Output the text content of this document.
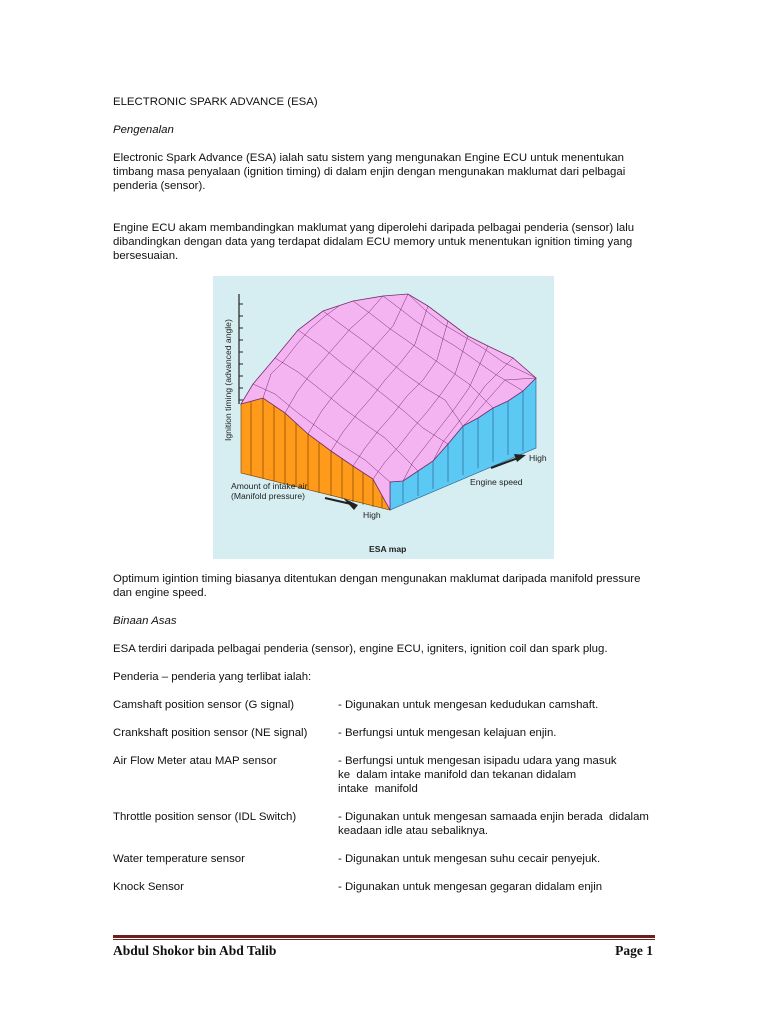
ELECTRONIC SPARK ADVANCE (ESA)
Pengenalan
Electronic Spark Advance (ESA) ialah satu sistem yang mengunakan Engine ECU untuk menentukan timbang masa penyalaan (ignition timing) di dalam enjin dengan mengunakan maklumat dari pelbagai penderia (sensor).
Engine ECU akam membandingkan maklumat yang diperolehi daripada pelbagai penderia (sensor) lalu dibandingkan dengan data yang terdapat didalam ECU memory untuk menentukan ignition timing yang bersesuaian.
Ignition timing (advanced angle)
Amount of intake air
(Manifold pressure)
High
High
Engine speed
ESA map
Optimum igintion timing biasanya ditentukan dengan mengunakan maklumat daripada manifold pressure dan engine speed.
Binaan Asas
ESA terdiri daripada pelbagai penderia (sensor), engine ECU, igniters, ignition coil dan spark plug.
Penderia – penderia yang terlibat ialah:
Camshaft position sensor (G signal)	- Digunakan untuk mengesan kedudukan camshaft.
Crankshaft position sensor (NE signal)	- Berfungsi untuk mengesan kelajuan enjin.
Air Flow Meter atau MAP sensor	- Berfungsi untuk mengesan isipadu udara yang masuk ke  dalam intake manifold dan tekanan didalam intake  manifold
Throttle position sensor (IDL Switch)	- Digunakan untuk mengesan samaada enjin berada  didalam keadaan idle atau sebaliknya.
Water temperature sensor	- Digunakan untuk mengesan suhu cecair penyejuk.
Knock Sensor	- Digunakan untuk mengesan gegaran didalam enjin
Abdul Shokor bin Abd Talib	Page 1
